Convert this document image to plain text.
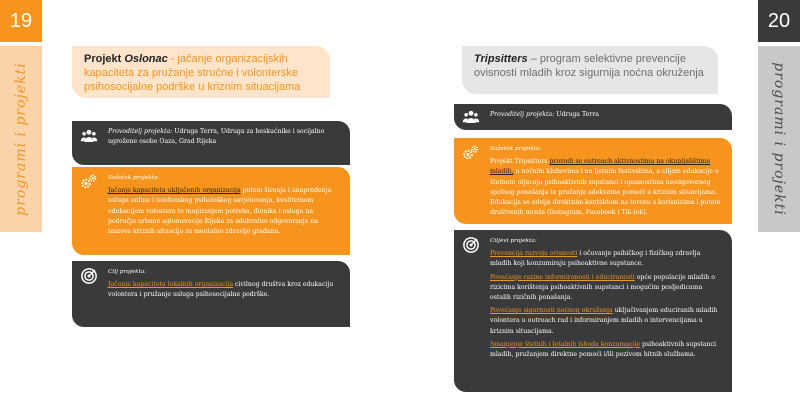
19
programi i projekti
Projekt Oslonac - jačanje organizacijskih kapaciteta za pružanje stručne i volonterske psihosocijalne podrške u kriznim situacijama

Provoditelj projekta: Udruga Terra, Udruga za beskućnike i socijalno ugrožene osobe Oaza, Grad Rijeka

Sažetak projekta:

Jačanje kapaciteta uključenih organizacija putem širenja i unapređenja usluga online i telefonskog psihološkog savjetovanja, kvalitetnom edukacijom volontera te mapiranjem potreba, dionika i usluga na području urbane aglomeracije Rijeka za adekvatno odgovaranje na izazove kriznih situacija za mentalno zdravlje građana.

Cilj projekta:

Jačanje kapaciteta lokalnih organizacija civilnog društva kroz edukaciju volontera i pružanje usluga psihosocijalne podrške.

20
programi i projekti
Tripsitters – program selektivne prevencije ovisnosti mladih kroz sigurnija noćna okruženja

Provoditelj projekta: Udruga Terra

Sažetak projekta:

Projekt Tripsitters provodi se outreach aktivnostima na okupljalištima mladih, u noćnim klubovima i na ljetnim festivalima, a ciljem edukacije o štetnom utjecaju psihoaktivnih supstanci i opasnostima neodgovornog spolnog ponašanja te pružanju adekvatne pomoći u kriznim situacijama. Edukacija se odvija direktnim kontaktom na terenu s korisnicima i putem društvenih mreža (Instagram, Facebook i Tik-tok).

Ciljevi projekta:

Prevencija razvoja ovisnosti i očuvanje psihičkog i fizičkog zdravlja mladih koji konzumiraju psihoaktivne supstance.

Povećanje razine informiranosti i educiranosti opće populacije mladih o rizicima korištenja psihoaktivnih supstanci i mogućim posljedicama ostalih rizičnih ponašanja.

Povećanje sigurnosti noćnog okruženja uključivanjem educiranih mladih volontera u outreach rad i informiranjem mladih o intervencijama u kriznim situacijama.

Smanjenje štetnih i letalnih ishoda konzumacije psihoaktivnih supstanci mladih, pružanjem direktne pomoći i/ili pozivom hitnih službama.
